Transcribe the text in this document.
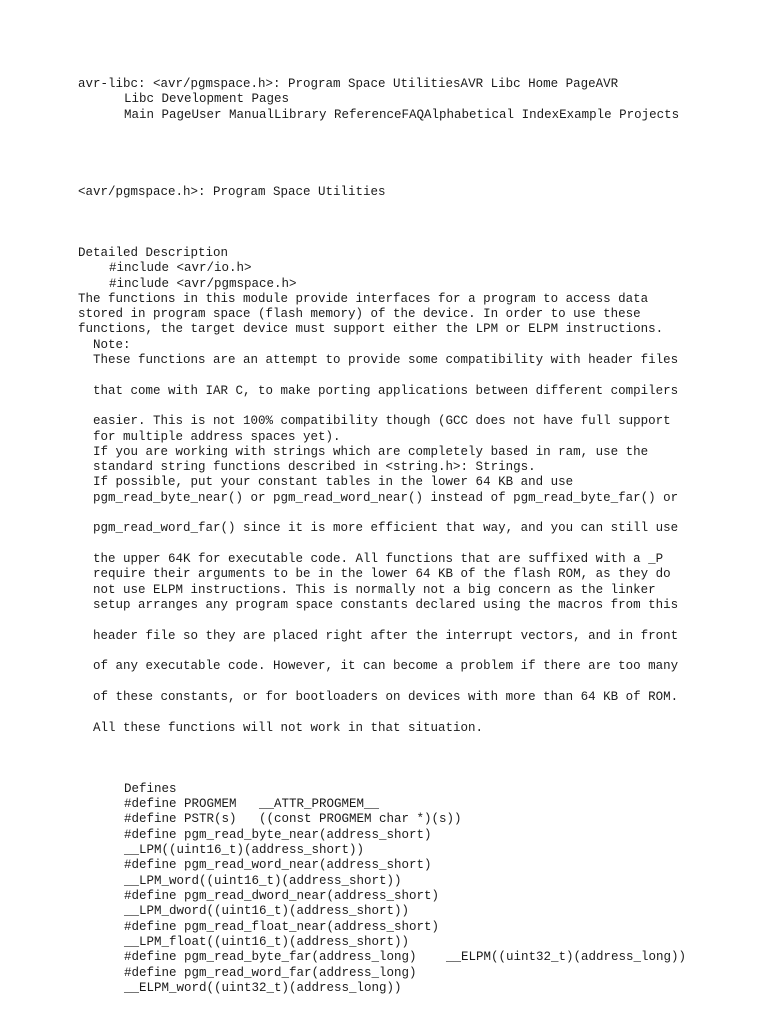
avr-libc: <avr/pgmspace.h>: Program Space UtilitiesAVR Libc Home PageAVR
Libc Development Pages
Main PageUser ManualLibrary ReferenceFAQAlphabetical IndexExample Projects
<avr/pgmspace.h>: Program Space Utilities
Detailed Description
#include <avr/io.h>
#include <avr/pgmspace.h>
The functions in this module provide interfaces for a program to access data
stored in program space (flash memory) of the device. In order to use these
functions, the target device must support either the LPM or ELPM instructions.
Note:
These functions are an attempt to provide some compatibility with header files
that come with IAR C, to make porting applications between different compilers
easier. This is not 100% compatibility though (GCC does not have full support
for multiple address spaces yet).
If you are working with strings which are completely based in ram, use the
standard string functions described in <string.h>: Strings.
If possible, put your constant tables in the lower 64 KB and use
pgm_read_byte_near() or pgm_read_word_near() instead of pgm_read_byte_far() or
pgm_read_word_far() since it is more efficient that way, and you can still use
the upper 64K for executable code. All functions that are suffixed with a _P
require their arguments to be in the lower 64 KB of the flash ROM, as they do
not use ELPM instructions. This is normally not a big concern as the linker
setup arranges any program space constants declared using the macros from this
header file so they are placed right after the interrupt vectors, and in front
of any executable code. However, it can become a problem if there are too many
of these constants, or for bootloaders on devices with more than 64 KB of ROM.
All these functions will not work in that situation.
Defines
#define PROGMEM   __ATTR_PROGMEM__
#define PSTR(s)   ((const PROGMEM char *)(s))
#define pgm_read_byte_near(address_short)
__LPM((uint16_t)(address_short))
#define pgm_read_word_near(address_short)
__LPM_word((uint16_t)(address_short))
#define pgm_read_dword_near(address_short)
__LPM_dword((uint16_t)(address_short))
#define pgm_read_float_near(address_short)
__LPM_float((uint16_t)(address_short))
#define pgm_read_byte_far(address_long) __ELPM((uint32_t)(address_long))
#define pgm_read_word_far(address_long)
__ELPM_word((uint32_t)(address_long))
